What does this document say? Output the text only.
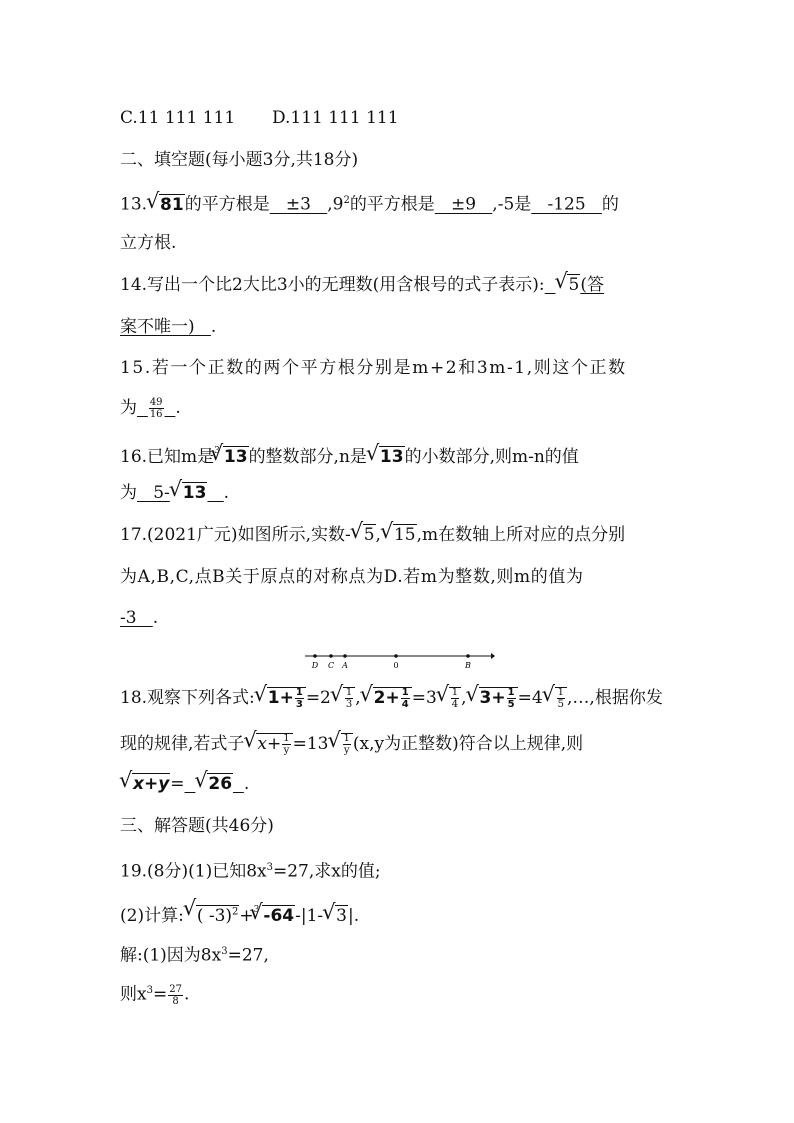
C.11 111 111 D.111 111 111
二、填空题(每小题3分,共18分)
13. √ 81的平方根是   ±3   $,9^2$的平方根是   ±9   ,-5是   -125   的
立方根.
14.写出一个比2大比3小的无理数(用含根号的式子表示): √ 5(答
案不唯一) .
15.若一个正数的两个平方根分别是m+2和3m-1,则这个正数
为 $\frac{49}{16}$ .
16.已知m是$^3$ √ 13的整数部分,n是 √ 13的小数部分,则m-n的值
为   5- √ 13 .
17.(2021广元)如图所示,实数- √ 5, √ 15,m在数轴上所对应的点分别
为A,B,C,点B关于原点的对称点为D.若m为整数,则m的值为
-3   .
D C A	0	B
18.观察下列各式: √ $1+ \frac{1}{3} =2$ √ $\frac{1}{3}$ , √ $2+ \frac{1}{4} =3$ √ $\frac{1}{4}$ , √ $3+ \frac{1}{5} =4$ √ $\frac{1}{5}$ ,…,根据你发
现的规律,若式子 √ $x+ \frac{1}{y} =13$ √ $\frac{1}{y} (x,y$为正整数)符合以上规律,则
√ x+y= √ 26 .
三、解答题(共46分)
19.(8分)(1)已知$8x^3=27$,求x的值;
(2)计算: √ ( -3)$^2$+$^3$ √ -64-|1- √ 3|.
解:(1)因为$8x^3=27$,
则$x^3= \frac{27}{8}$ .
